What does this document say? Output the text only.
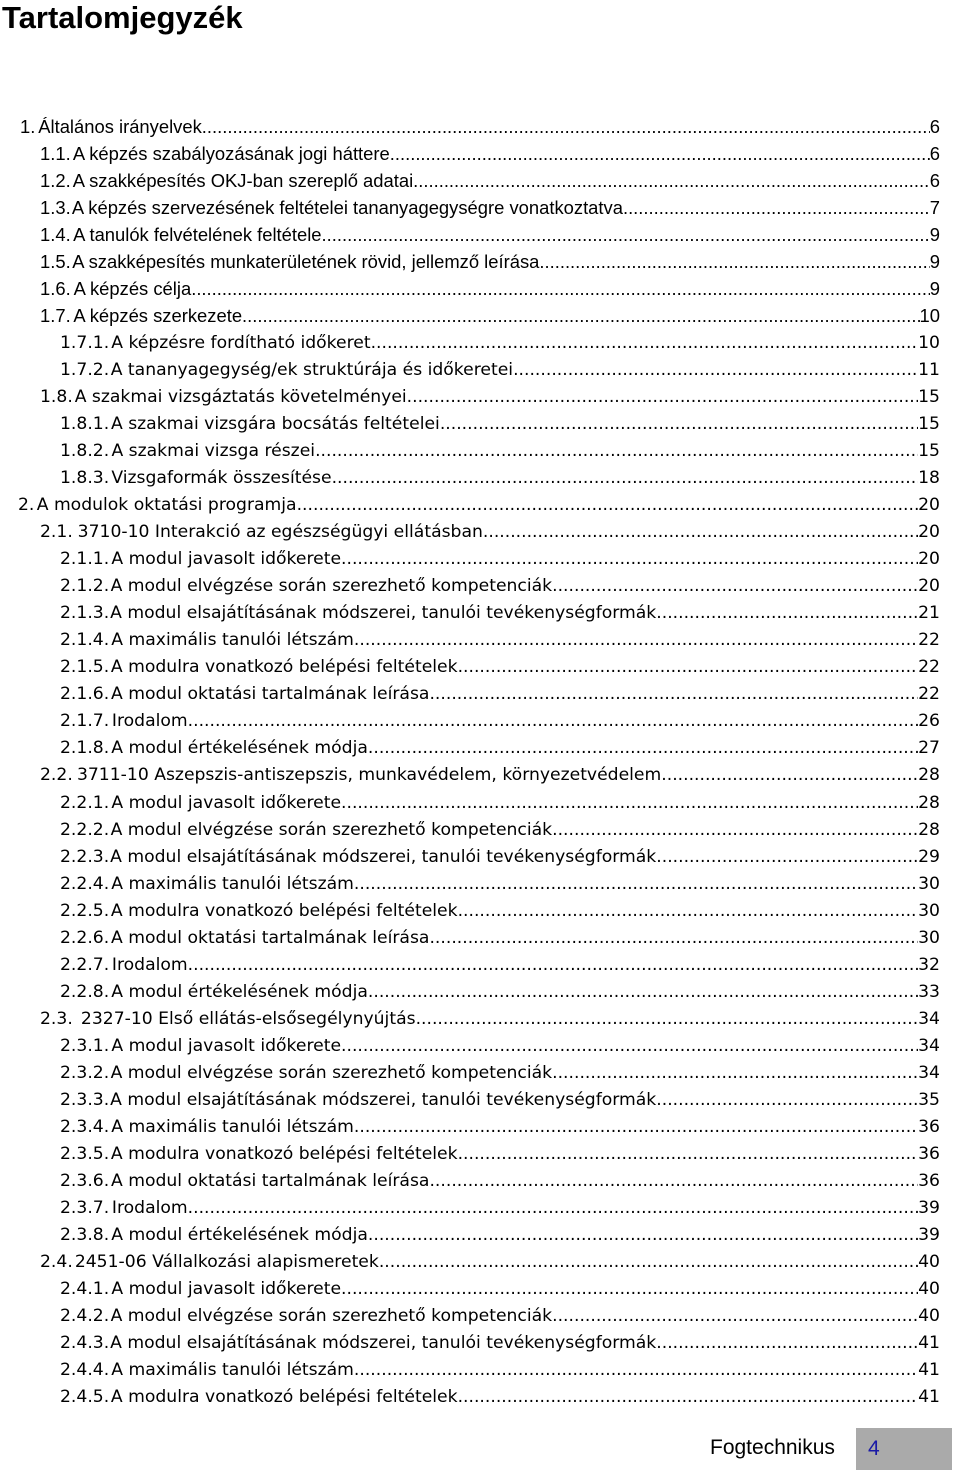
Tartalomjegyzék
1. Általános irányelvek .....	6
1.1. A képzés szabályozásának jogi háttere .....	6
1.2. A szakképesítés OKJ-ban szereplő adatai .....	6
1.3. A képzés szervezésének feltételei tananyagegységre vonatkoztatva .....	7
1.4. A tanulók felvételének feltétele .....	9
1.5. A szakképesítés munkaterületének rövid, jellemző leírása .....	9
1.6. A képzés célja .....	9
1.7. A képzés szerkezete .....	10
1.7.1. A képzésre fordítható időkeret .....	10
1.7.2. A tananyagegység/ek struktúrája és időkeretei .....	11
1.8. A szakmai vizsgáztatás követelményei .....	15
1.8.1. A szakmai vizsgára bocsátás feltételei .....	15
1.8.2. A szakmai vizsga részei .....	15
1.8.3. Vizsgaformák összesítése .....	18
2. A modulok oktatási programja .....	20
2.1. 3710-10 Interakció az egészségügyi ellátásban .....	20
2.1.1. A modul javasolt időkerete .....	20
2.1.2. A modul elvégzése során szerezhető kompetenciák .....	20
2.1.3. A modul elsajátításának módszerei, tanulói tevékenységformák .....	21
2.1.4. A maximális tanulói létszám .....	22
2.1.5. A modulra vonatkozó belépési feltételek .....	22
2.1.6. A modul oktatási tartalmának leírása .....	22
2.1.7. Irodalom .....	26
2.1.8. A modul értékelésének módja .....	27
2.2. 3711-10 Aszepszis-antiszepszis, munkavédelem, környezetvédelem .....	28
2.2.1. A modul javasolt időkerete .....	28
2.2.2. A modul elvégzése során szerezhető kompetenciák .....	28
2.2.3. A modul elsajátításának módszerei, tanulói tevékenységformák .....	29
2.2.4. A maximális tanulói létszám .....	30
2.2.5. A modulra vonatkozó belépési feltételek .....	30
2.2.6. A modul oktatási tartalmának leírása .....	30
2.2.7. Irodalom .....	32
2.2.8. A modul értékelésének módja .....	33
2.3. 2327-10 Első ellátás-elsősegélynyújtás .....	34
2.3.1. A modul javasolt időkerete .....	34
2.3.2. A modul elvégzése során szerezhető kompetenciák .....	34
2.3.3. A modul elsajátításának módszerei, tanulói tevékenységformák .....	35
2.3.4. A maximális tanulói létszám .....	36
2.3.5. A modulra vonatkozó belépési feltételek .....	36
2.3.6. A modul oktatási tartalmának leírása .....	36
2.3.7. Irodalom .....	39
2.3.8. A modul értékelésének módja .....	39
2.4. 2451-06 Vállalkozási alapismeretek .....	40
2.4.1. A modul javasolt időkerete .....	40
2.4.2. A modul elvégzése során szerezhető kompetenciák .....	40
2.4.3. A modul elsajátításának módszerei, tanulói tevékenységformák .....	41
2.4.4. A maximális tanulói létszám .....	41
2.4.5. A modulra vonatkozó belépési feltételek .....	41
Fogtechnikus	4
